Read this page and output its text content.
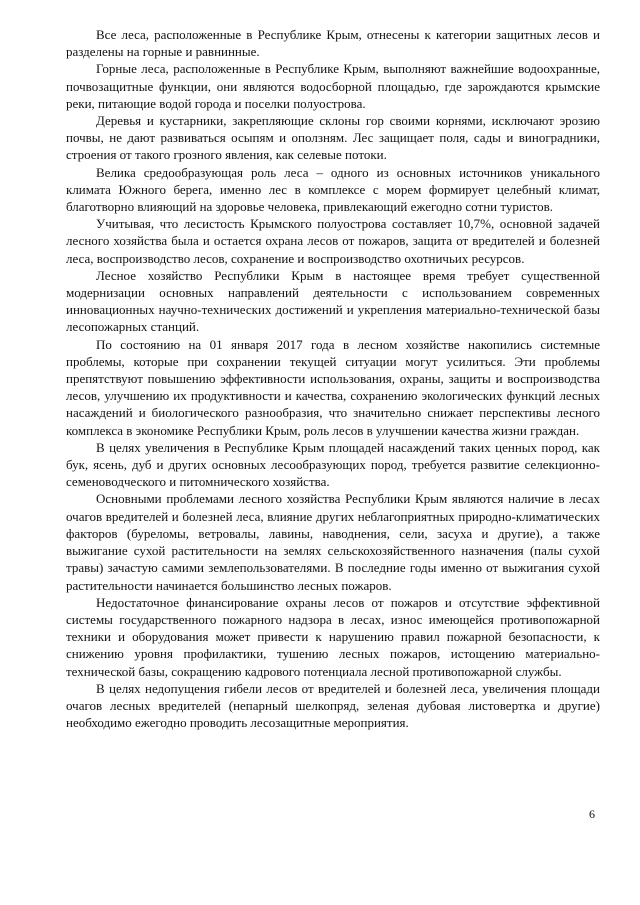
Все леса, расположенные в Республике Крым, отнесены к категории защитных лесов и разделены на горные и равнинные.

Горные леса, расположенные в Республике Крым, выполняют важнейшие водоохранные, почвозащитные функции, они являются водосборной площадью, где зарождаются крымские реки, питающие водой города и поселки полуострова.

Деревья и кустарники, закрепляющие склоны гор своими корнями, исключают эрозию почвы, не дают развиваться осыпям и оползням. Лес защищает поля, сады и виноградники, строения от такого грозного явления, как селевые потоки.

Велика средообразующая роль леса – одного из основных источников уникального климата Южного берега, именно лес в комплексе с морем формирует целебный климат, благотворно влияющий на здоровье человека, привлекающий ежегодно сотни туристов.

Учитывая, что лесистость Крымского полуострова составляет 10,7%, основной задачей лесного хозяйства была и остается охрана лесов от пожаров, защита от вредителей и болезней леса, воспроизводство лесов, сохранение и воспроизводство охотничьих ресурсов.

Лесное хозяйство Республики Крым в настоящее время требует существенной модернизации основных направлений деятельности с использованием современных инновационных научно-технических достижений и укрепления материально-технической базы лесопожарных станций.

По состоянию на 01 января 2017 года в лесном хозяйстве накопились системные проблемы, которые при сохранении текущей ситуации могут усилиться. Эти проблемы препятствуют повышению эффективности использования, охраны, защиты и воспроизводства лесов, улучшению их продуктивности и качества, сохранению экологических функций лесных насаждений и биологического разнообразия, что значительно снижает перспективы лесного комплекса в экономике Республики Крым, роль лесов в улучшении качества жизни граждан.

В целях увеличения в Республике Крым площадей насаждений таких ценных пород, как бук, ясень, дуб и других основных лесообразующих пород, требуется развитие селекционно-семеноводческого и питомнического хозяйства.

Основными проблемами лесного хозяйства Республики Крым являются наличие в лесах очагов вредителей и болезней леса, влияние других неблагоприятных природно-климатических факторов (буреломы, ветровалы, лавины, наводнения, сели, засуха и другие), а также выжигание сухой растительности на землях сельскохозяйственного назначения (палы сухой травы) зачастую самими землепользователями. В последние годы именно от выжигания сухой растительности начинается большинство лесных пожаров.

Недостаточное финансирование охраны лесов от пожаров и отсутствие эффективной системы государственного пожарного надзора в лесах, износ имеющейся противопожарной техники и оборудования может привести к нарушению правил пожарной безопасности, к снижению уровня профилактики, тушению лесных пожаров, истощению материально-технической базы, сокращению кадрового потенциала лесной противопожарной службы.

В целях недопущения гибели лесов от вредителей и болезней леса, увеличения площади очагов лесных вредителей (непарный шелкопряд, зеленая дубовая листовертка и другие) необходимо ежегодно проводить лесозащитные мероприятия.

6
